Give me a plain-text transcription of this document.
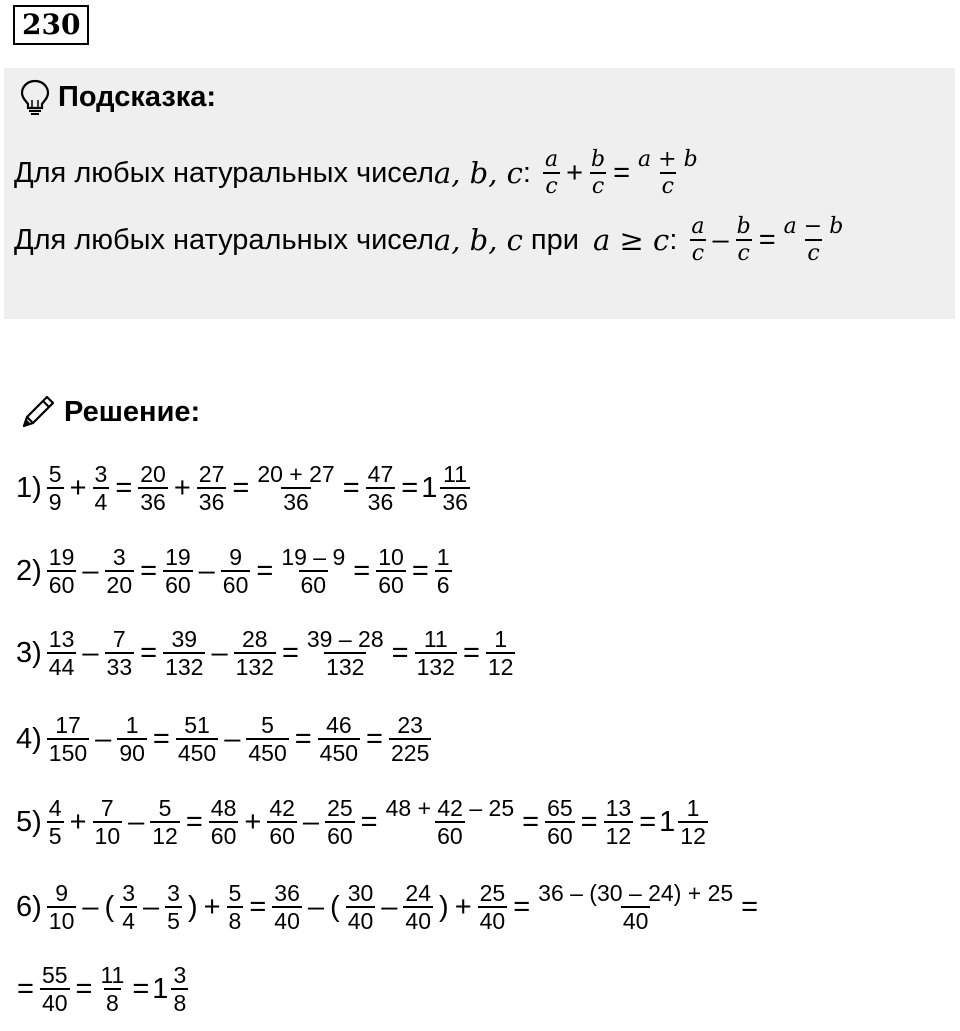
230
Подсказка:
Для любых натуральных чисел a, b, c : $\frac{a}{c} + \frac{b}{c} = \frac{a + b}{c}$
Для любых натуральных чисел a, b, c при a ≥ c : $\frac{a}{c} - \frac{b}{c} = \frac{a - b}{c}$
Решение:
$1) \frac{5}{9} + \frac{3}{4} = \frac{20}{36} + \frac{27}{36} = \frac{20 + 27}{36} = \frac{47}{36} = 1 \frac{11}{36}$
$2) \frac{19}{60} - \frac{3}{20} = \frac{19}{60} - \frac{9}{60} = \frac{19 - 9}{60} = \frac{10}{60} = \frac{1}{6}$
$3) \frac{13}{44} - \frac{7}{33} = \frac{39}{132} - \frac{28}{132} = \frac{39 - 28}{132} = \frac{11}{132} = \frac{1}{12}$
$4) \frac{17}{150} - \frac{1}{90} = \frac{51}{450} - \frac{5}{450} = \frac{46}{450} = \frac{23}{225}$
$5) \frac{4}{5} + \frac{7}{10} - \frac{5}{12} = \frac{48}{60} + \frac{42}{60} - \frac{25}{60} = \frac{48 + 42 - 25}{60} = \frac{65}{60} = \frac{13}{12} = 1 \frac{1}{12}$
$6) \frac{9}{10}$ – ( $\frac{3}{4} - \frac{3}{5}$ ) + $\frac{5}{8} = \frac{36}{40}$ – ( $\frac{30}{40} - \frac{24}{40}$ ) + $\frac{25}{40} = \frac{36 - (30 - 24) + 25}{40}$ =
= $\frac{55}{40} = \frac{11}{8} = 1 \frac{3}{8}$
